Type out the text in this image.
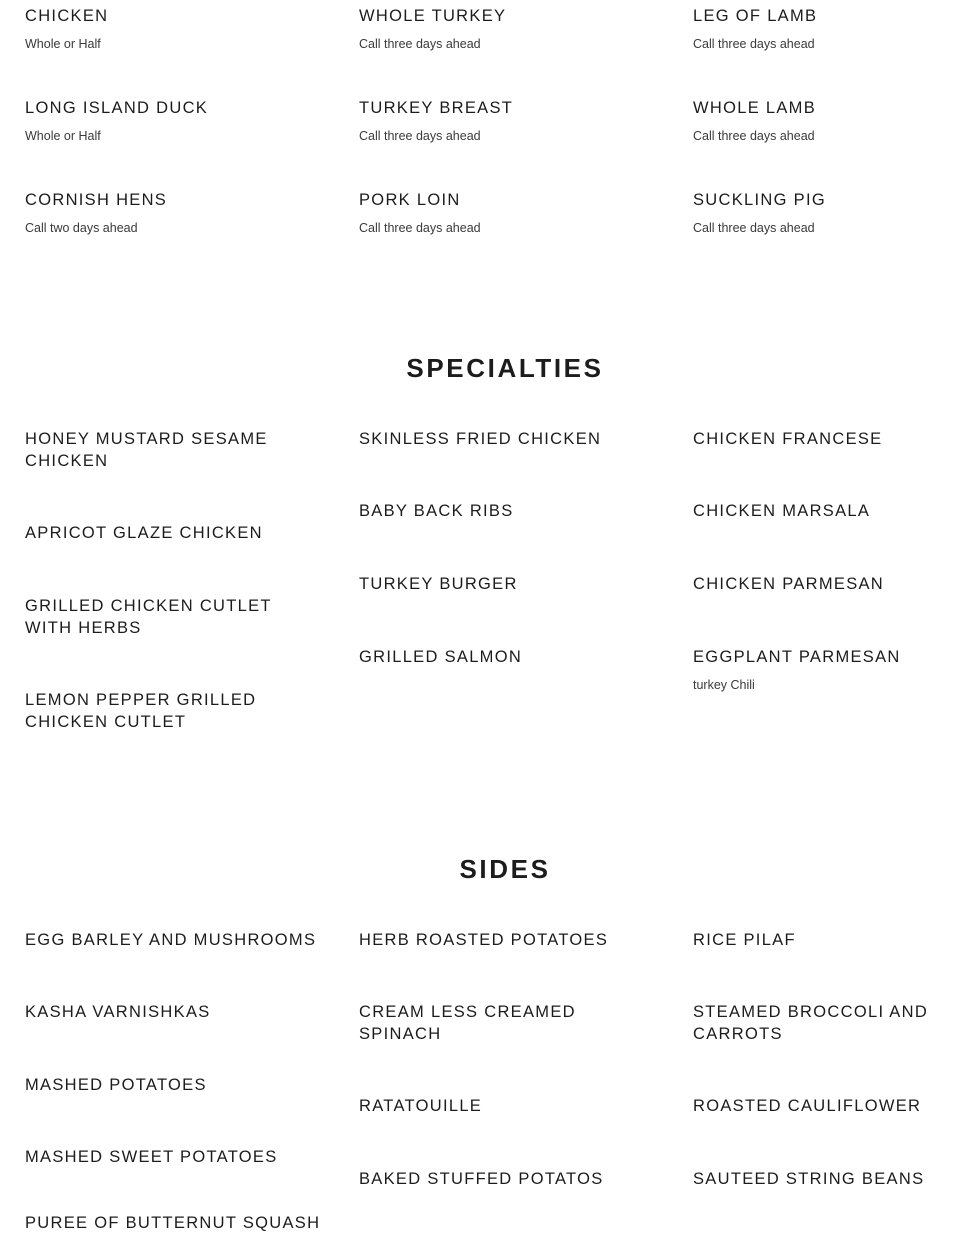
CHICKEN
Whole or Half
WHOLE TURKEY
Call three days ahead
LEG OF LAMB
Call three days ahead
LONG ISLAND DUCK
Whole or Half
TURKEY BREAST
Call three days ahead
WHOLE LAMB
Call three days ahead
CORNISH HENS
Call two days ahead
PORK LOIN
Call three days ahead
SUCKLING PIG
Call three days ahead
SPECIALTIES
HONEY MUSTARD SESAME CHICKEN
APRICOT GLAZE CHICKEN
GRILLED CHICKEN CUTLET WITH HERBS
LEMON PEPPER GRILLED CHICKEN CUTLET
SKINLESS FRIED CHICKEN
BABY BACK RIBS
TURKEY BURGER
GRILLED SALMON
CHICKEN FRANCESE
CHICKEN MARSALA
CHICKEN PARMESAN
EGGPLANT PARMESAN
turkey Chili
SIDES
EGG BARLEY AND MUSHROOMS
KASHA VARNISHKAS
MASHED POTATOES
MASHED SWEET POTATOES
PUREE OF BUTTERNUT SQUASH
HERB ROASTED POTATOES
CREAM LESS CREAMED SPINACH
RATATOUILLE
BAKED STUFFED POTATOS
RICE PILAF
STEAMED BROCCOLI AND CARROTS
ROASTED CAULIFLOWER
SAUTEED STRING BEANS
